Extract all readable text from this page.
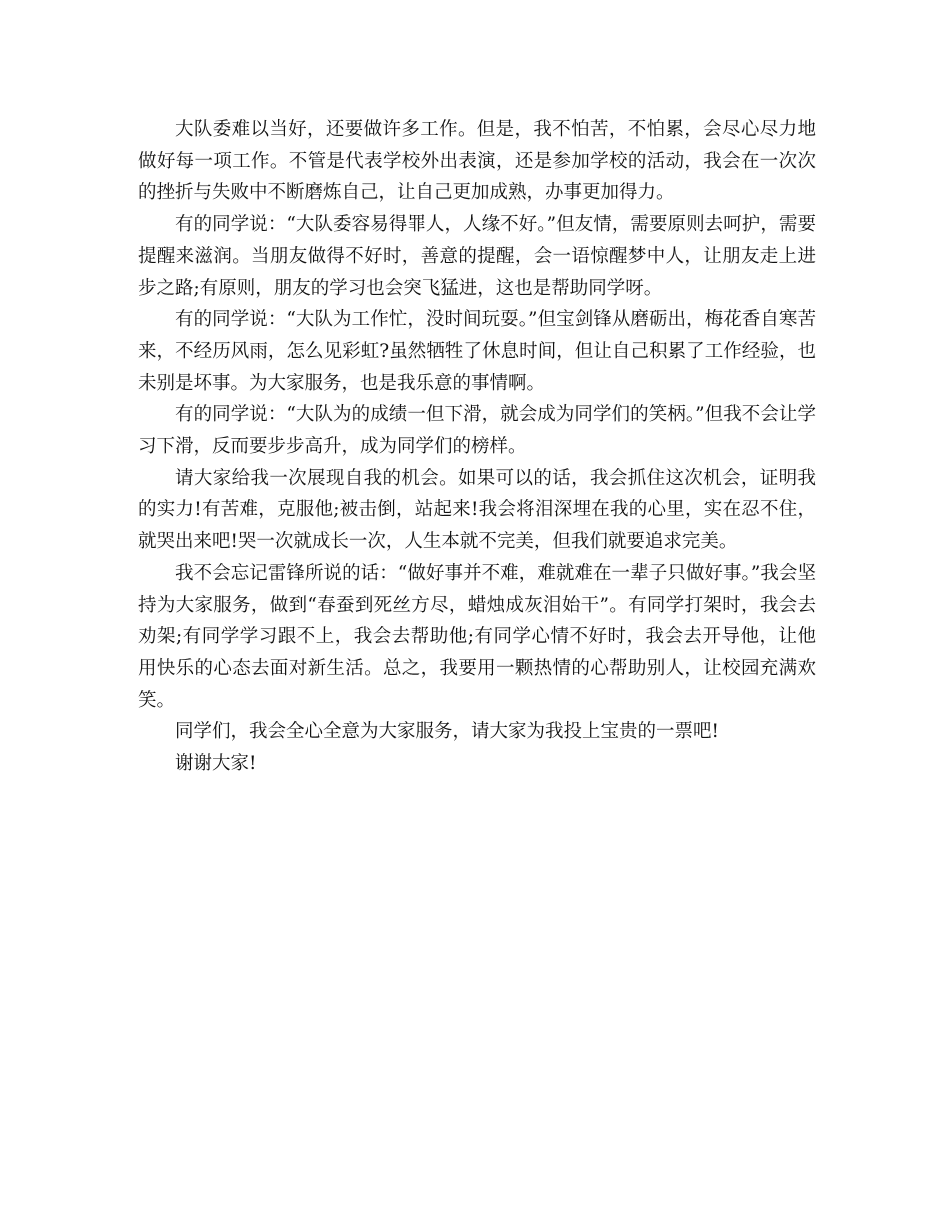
大队委难以当好，还要做许多工作。但是，我不怕苦，不怕累，会尽心尽力地做好每一项工作。不管是代表学校外出表演，还是参加学校的活动，我会在一次次的挫折与失败中不断磨炼自己，让自己更加成熟，办事更加得力。

有的同学说：“大队委容易得罪人，人缘不好。”但友情，需要原则去呵护，需要提醒来滋润。当朋友做得不好时，善意的提醒，会一语惊醒梦中人，让朋友走上进步之路;有原则，朋友的学习也会突飞猛进，这也是帮助同学呀。

有的同学说：“大队为工作忙，没时间玩耍。”但宝剑锋从磨砺出，梅花香自寒苦来，不经历风雨，怎么见彩虹?虽然牺牲了休息时间，但让自己积累了工作经验，也未别是坏事。为大家服务，也是我乐意的事情啊。

有的同学说：“大队为的成绩一但下滑，就会成为同学们的笑柄。”但我不会让学习下滑，反而要步步高升，成为同学们的榜样。

请大家给我一次展现自我的机会。如果可以的话，我会抓住这次机会，证明我的实力!有苦难，克服他;被击倒，站起来!我会将泪深埋在我的心里，实在忍不住，就哭出来吧!哭一次就成长一次，人生本就不完美，但我们就要追求完美。

我不会忘记雷锋所说的话：“做好事并不难，难就难在一辈子只做好事。”我会坚持为大家服务，做到“春蚕到死丝方尽，蜡烛成灰泪始干”。有同学打架时，我会去劝架;有同学学习跟不上，我会去帮助他;有同学心情不好时，我会去开导他，让他用快乐的心态去面对新生活。总之，我要用一颗热情的心帮助别人，让校园充满欢笑。

同学们，我会全心全意为大家服务，请大家为我投上宝贵的一票吧!

谢谢大家!
